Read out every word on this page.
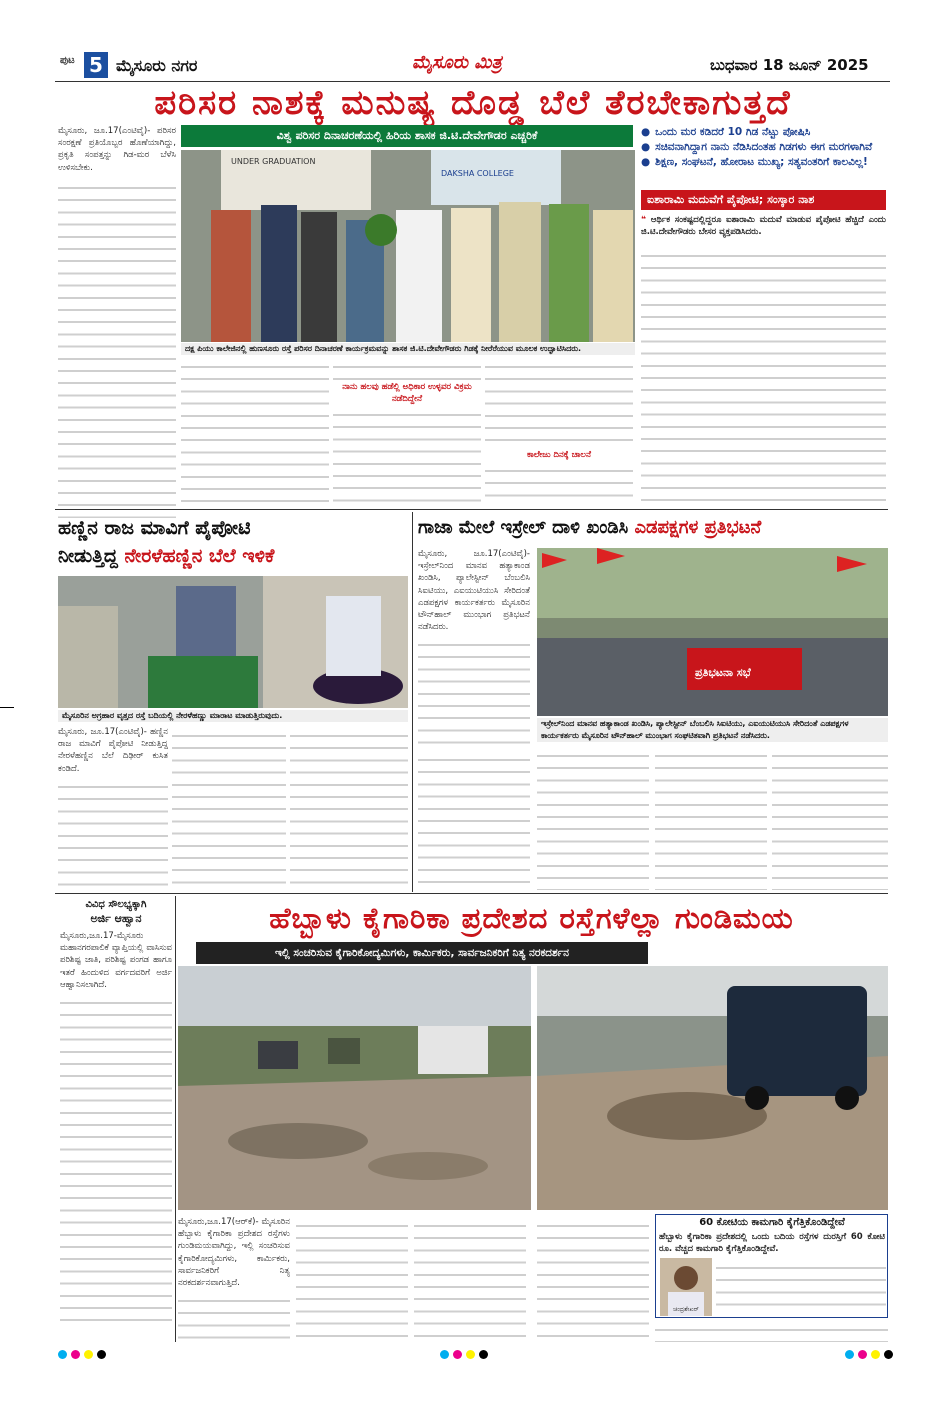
ಪುಟ 5 ಮೈಸೂರು ನಗರ	ಮೈಸೂರು ಮಿತ್ರ	ಬುಧವಾರ 18 ಜೂನ್ 2025
ಪರಿಸರ ನಾಶಕ್ಕೆ ಮನುಷ್ಯ ದೊಡ್ಡ ಬೆಲೆ ತೆರಬೇಕಾಗುತ್ತದೆ
ಮೈಸೂರು, ಜೂ.17(ಎಂಟಿವೈ)- ಪರಿಸರ ಸಂರಕ್ಷಣೆ ಪ್ರತಿಯೊಬ್ಬರ ಹೊಣೆಯಾಗಿದ್ದು, ಪ್ರಕೃತಿ ಸಂಪತ್ತನ್ನು ಗಿಡ-ಮರ ಬೆಳೆಸಿ ಉಳಿಸಬೇಕು.
ವಿಶ್ವ ಪರಿಸರ ದಿನಾಚರಣೆಯಲ್ಲಿ ಹಿರಿಯ ಶಾಸಕ ಜಿ.ಟಿ.ದೇವೇಗೌಡರ ಎಚ್ಚರಿಕೆ
UNDER GRADUATION
DAKSHA COLLEGE
ದಕ್ಷ ಪಿಯು ಕಾಲೇಜಿನಲ್ಲಿ ಹುಣಸೂರು ರಸ್ತೆ ಪರಿಸರ ದಿನಾಚರಣೆ ಕಾರ್ಯಕ್ರಮವನ್ನು ಶಾಸಕ ಜಿ.ಟಿ.ದೇವೇಗೌಡರು ಗಿಡಕ್ಕೆ ನೀರೆರೆಯುವ ಮೂಲಕ ಉದ್ಘಾಟಿಸಿದರು.
ನಾನು ಹಲವು ಹಡೆಲ್ಲಿ ಅಧಿಕಾರ ಉಳ್ಳವರ ವಿಕ್ರಮ ನಡೆದಿದ್ದೇನೆ
ಕಾಲೇಜು ದಿನಕ್ಕೆ ಚಾಲನೆ
● ಒಂದು ಮರ ಕಡಿದರೆ 10 ಗಿಡ ನೆಟ್ಟು ಪೋಷಿಸಿ
● ಸಚಿವನಾಗಿದ್ದಾಗ ನಾನು ನೆಡಿಸಿದಂತಹ ಗಿಡಗಳು ಈಗ ಮರಗಳಾಗಿವೆ
● ಶಿಕ್ಷಣ, ಸಂಘಟನೆ, ಹೋರಾಟ ಮುಖ್ಯ; ಸತ್ಯವಂತರಿಗೆ ಕಾಲವಿಲ್ಲ!
ಐಶಾರಾಮಿ ಮದುವೆಗೆ ಪೈಪೋಟಿ; ಸಂಸ್ಕಾರ ನಾಶ
❝ ಆರ್ಥಿಕ ಸಂಕಷ್ಟದಲ್ಲಿದ್ದರೂ ಐಶಾರಾಮಿ ಮದುವೆ ಮಾಡುವ ಪೈಪೋಟಿ ಹೆಚ್ಚಿದೆ ಎಂದು ಜಿ.ಟಿ.ದೇವೇಗೌಡರು ಬೇಸರ ವ್ಯಕ್ತಪಡಿಸಿದರು.
ಹಣ್ಣಿನ ರಾಜ ಮಾವಿಗೆ ಪೈಪೋಟಿ
ನೀಡುತ್ತಿದ್ದ ನೇರಳೆಹಣ್ಣಿನ ಬೆಲೆ ಇಳಿಕೆ
ಮೈಸೂರಿನ ಅಗ್ರಹಾರ ವೃತ್ತದ ರಸ್ತೆ ಬದಿಯಲ್ಲಿ ನೇರಳೆಹಣ್ಣು ಮಾರಾಟ ಮಾಡುತ್ತಿರುವುದು.
ಮೈಸೂರು, ಜೂ.17(ಎಂಟಿವೈ)- ಹಣ್ಣಿನ ರಾಜ ಮಾವಿಗೆ ಪೈಪೋಟಿ ನೀಡುತ್ತಿದ್ದ ನೇರಳೆಹಣ್ಣಿನ ಬೆಲೆ ದಿಢೀರ್ ಕುಸಿತ ಕಂಡಿದೆ.
ಗಾಜಾ ಮೇಲೆ ಇಸ್ರೇಲ್ ದಾಳಿ ಖಂಡಿಸಿ ಎಡಪಕ್ಷಗಳ ಪ್ರತಿಭಟನೆ
ಮೈಸೂರು, ಜೂ.17(ಎಂಟಿವೈ)- ಇಸ್ರೇಲ್‌ನಿಂದ ಮಾನವ ಹತ್ಯಾಕಾಂಡ ಖಂಡಿಸಿ, ಪ್ಯಾಲೇಸ್ಟೀನ್ ಬೆಂಬಲಿಸಿ ಸಿಐಟಿಯು, ಎಐಯುಟಿಯುಸಿ ಸೇರಿದಂತೆ ಎಡಪಕ್ಷಗಳ ಕಾರ್ಯಕರ್ತರು ಮೈಸೂರಿನ ಟೌನ್‌ಹಾಲ್ ಮುಂಭಾಗ ಪ್ರತಿಭಟನೆ ನಡೆಸಿದರು.
ಪ್ರತಿಭಟನಾ ಸಭೆ
ಇಸ್ರೇಲ್‌ನಿಂದ ಮಾನವ ಹತ್ಯಾಕಾಂಡ ಖಂಡಿಸಿ, ಪ್ಯಾಲೇಸ್ಟೀನ್ ಬೆಂಬಲಿಸಿ ಸಿಐಟಿಯು, ಎಐಯುಟಿಯುಸಿ ಸೇರಿದಂತೆ ಎಡಪಕ್ಷಗಳ ಕಾರ್ಯಕರ್ತರು ಮೈಸೂರಿನ ಟೌನ್‌ಹಾಲ್ ಮುಂಭಾಗ ಸಂಘಟಿತವಾಗಿ ಪ್ರತಿಭಟನೆ ನಡೆಸಿದರು.
ವಿವಿಧ ಸೌಲಭ್ಯಕ್ಕಾಗಿ
ಅರ್ಜಿ ಆಹ್ವಾನ
ಮೈಸೂರು,ಜೂ.17-ಮೈಸೂರು ಮಹಾನಗರಪಾಲಿಕೆ ವ್ಯಾಪ್ತಿಯಲ್ಲಿ ವಾಸಿಸುವ ಪರಿಶಿಷ್ಟ ಜಾತಿ, ಪರಿಶಿಷ್ಟ ಪಂಗಡ ಹಾಗೂ ಇತರೆ ಹಿಂದುಳಿದ ವರ್ಗದವರಿಗೆ ಅರ್ಜಿ ಆಹ್ವಾನಿಸಲಾಗಿದೆ.
ಹೆಬ್ಬಾಳು ಕೈಗಾರಿಕಾ ಪ್ರದೇಶದ ರಸ್ತೆಗಳೆಲ್ಲಾ ಗುಂಡಿಮಯ
ಇಲ್ಲಿ ಸಂಚರಿಸುವ ಕೈಗಾರಿಕೋದ್ಯಮಿಗಳು, ಕಾರ್ಮಿಕರು, ಸಾರ್ವಜನಿಕರಿಗೆ ನಿತ್ಯ ನರಕದರ್ಶನ
ಮೈಸೂರು,ಜೂ.17(ಆರ್‌ಕೆ)- ಮೈಸೂರಿನ ಹೆಬ್ಬಾಳು ಕೈಗಾರಿಕಾ ಪ್ರದೇಶದ ರಸ್ತೆಗಳು ಗುಂಡಿಮಯವಾಗಿದ್ದು, ಇಲ್ಲಿ ಸಂಚರಿಸುವ ಕೈಗಾರಿಕೋದ್ಯಮಿಗಳು, ಕಾರ್ಮಿಕರು, ಸಾರ್ವಜನಿಕರಿಗೆ ನಿತ್ಯ ನರಕದರ್ಶನವಾಗುತ್ತಿದೆ.
60 ಕೋಟಿಯ ಕಾಮಗಾರಿ ಕೈಗೆತ್ತಿಕೊಂಡಿದ್ದೇವೆ
ಹೆಬ್ಬಾಳು ಕೈಗಾರಿಕಾ ಪ್ರದೇಶದಲ್ಲಿ ಒಂದು ಬದಿಯ ರಸ್ತೆಗಳ ದುರಸ್ತಿಗೆ 60 ಕೋಟಿ ರೂ. ವೆಚ್ಚದ ಕಾಮಗಾರಿ ಕೈಗೆತ್ತಿಕೊಂಡಿದ್ದೇವೆ.
ಚಂದ್ರಶೇಖರ್
